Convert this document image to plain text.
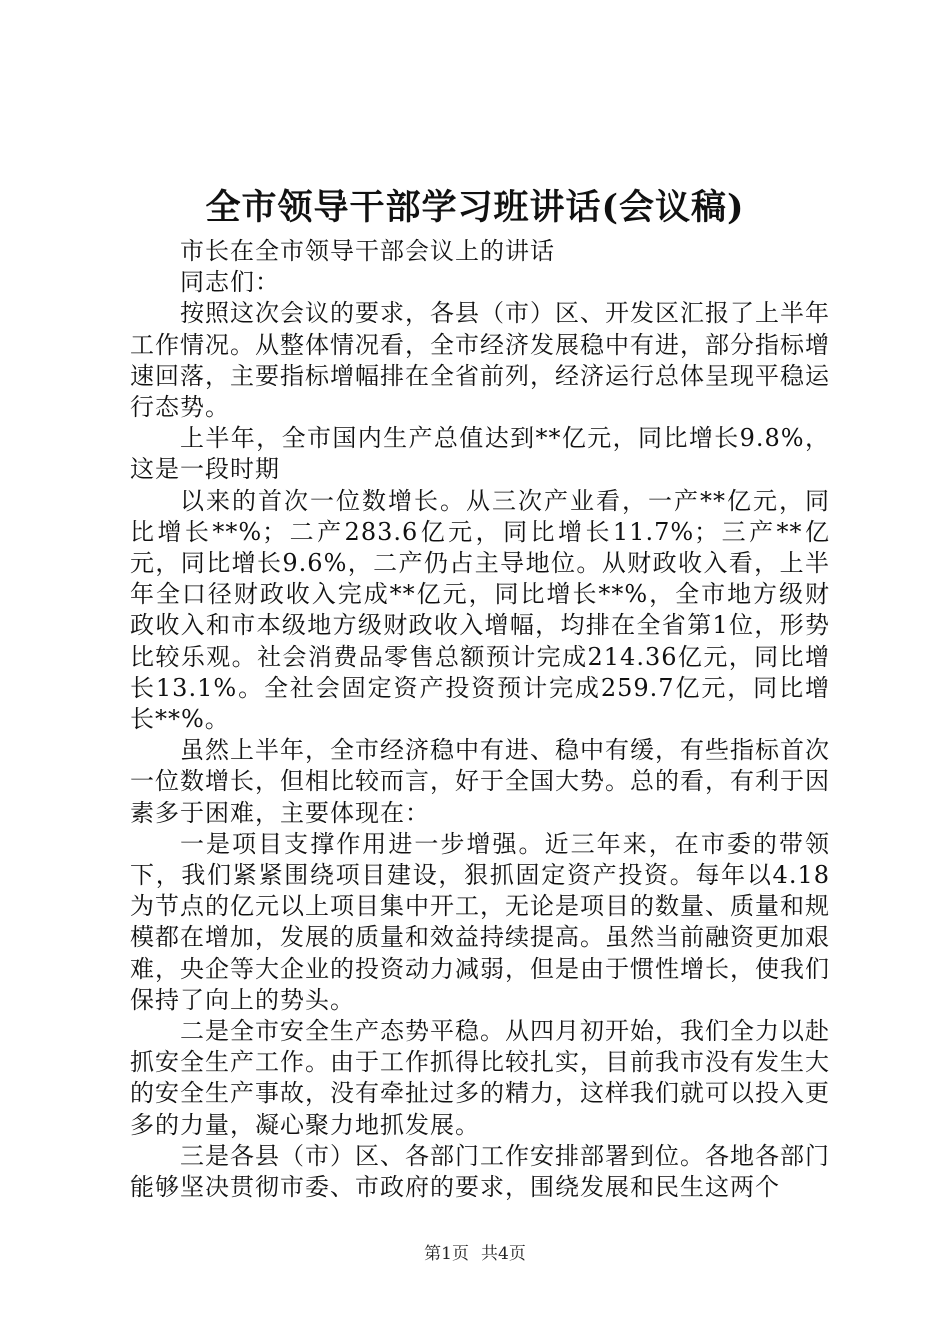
全市领导干部学习班讲话(会议稿)

市长在全市领导干部会议上的讲话

同志们：

按照这次会议的要求，各县（市）区、开发区汇报了上半年工作情况。从整体情况看，全市经济发展稳中有进，部分指标增速回落，主要指标增幅排在全省前列，经济运行总体呈现平稳运行态势。

上半年，全市国内生产总值达到**亿元，同比增长9.8%，这是一段时期

以来的首次一位数增长。从三次产业看，一产**亿元，同比增长**%；二产283.6亿元，同比增长11.7%；三产**亿元，同比增长9.6%，二产仍占主导地位。从财政收入看，上半年全口径财政收入完成**亿元，同比增长**%，全市地方级财政收入和市本级地方级财政收入增幅，均排在全省第1位，形势比较乐观。社会消费品零售总额预计完成214.36亿元，同比增长13.1%。全社会固定资产投资预计完成259.7亿元，同比增长**%。

虽然上半年，全市经济稳中有进、稳中有缓，有些指标首次一位数增长，但相比较而言，好于全国大势。总的看，有利于因素多于困难，主要体现在：

一是项目支撑作用进一步增强。近三年来，在市委的带领下，我们紧紧围绕项目建设，狠抓固定资产投资。每年以4.18为节点的亿元以上项目集中开工，无论是项目的数量、质量和规模都在增加，发展的质量和效益持续提高。虽然当前融资更加艰难，央企等大企业的投资动力减弱，但是由于惯性增长，使我们保持了向上的势头。

二是全市安全生产态势平稳。从四月初开始，我们全力以赴抓安全生产工作。由于工作抓得比较扎实，目前我市没有发生大的安全生产事故，没有牵扯过多的精力，这样我们就可以投入更多的力量，凝心聚力地抓发展。

三是各县（市）区、各部门工作安排部署到位。各地各部门能够坚决贯彻市委、市政府的要求，围绕发展和民生这两个

第1页 共4页
